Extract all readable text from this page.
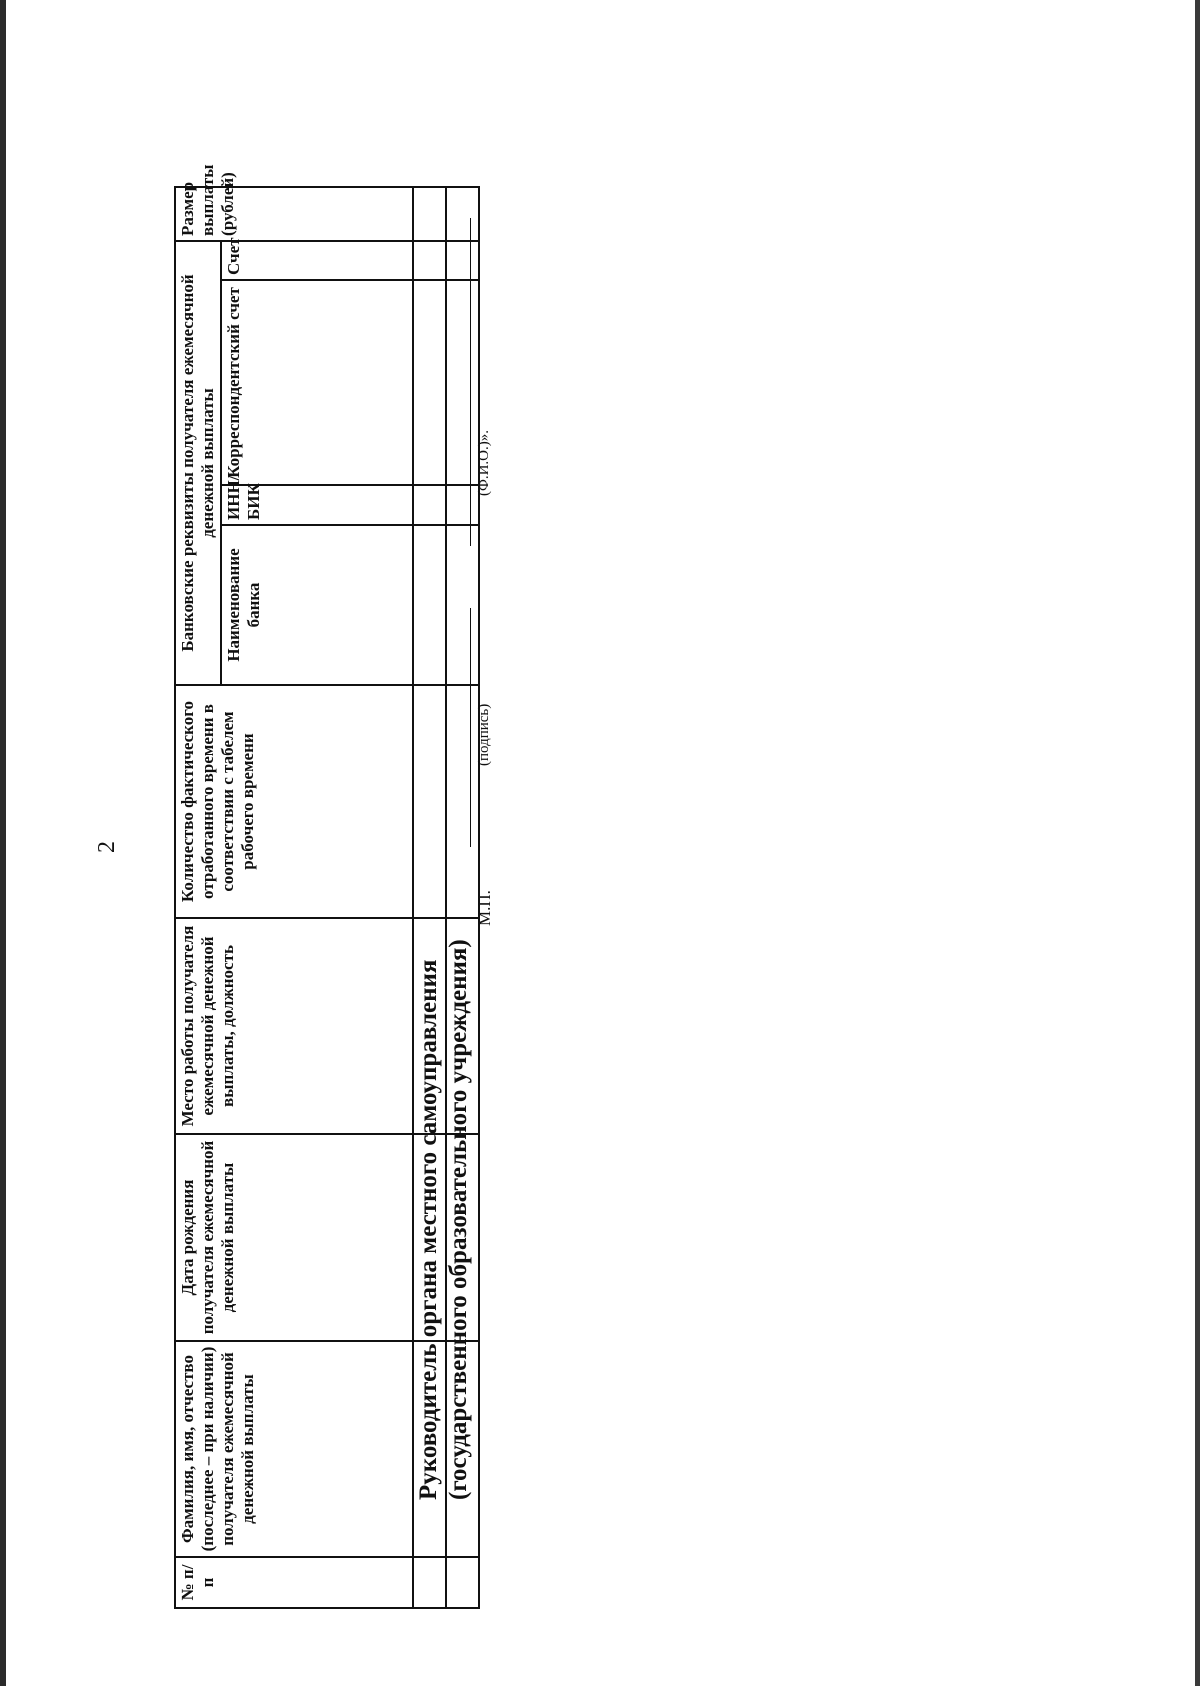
2
№ п/п	Фамилия, имя, отчество (последнее – при наличии) получателя ежемесячной денежной выплаты	Дата рождения получателя ежемесячной денежной выплаты	Место работы получателя ежемесячной денежной выплаты, должность	Количество фактического отработанного времени в соответствии с табелем рабочего времени	Банковские реквизиты получателя ежемесячной денежной выплаты				Размер выплаты (рублей)
					Наименование банка	ИНН/ БИК	Корреспондентский счет	Счет	

Руководитель органа местного самоуправления (государственного образовательного учреждения)
М.П.
(подпись)
(Ф.И.О.)».
